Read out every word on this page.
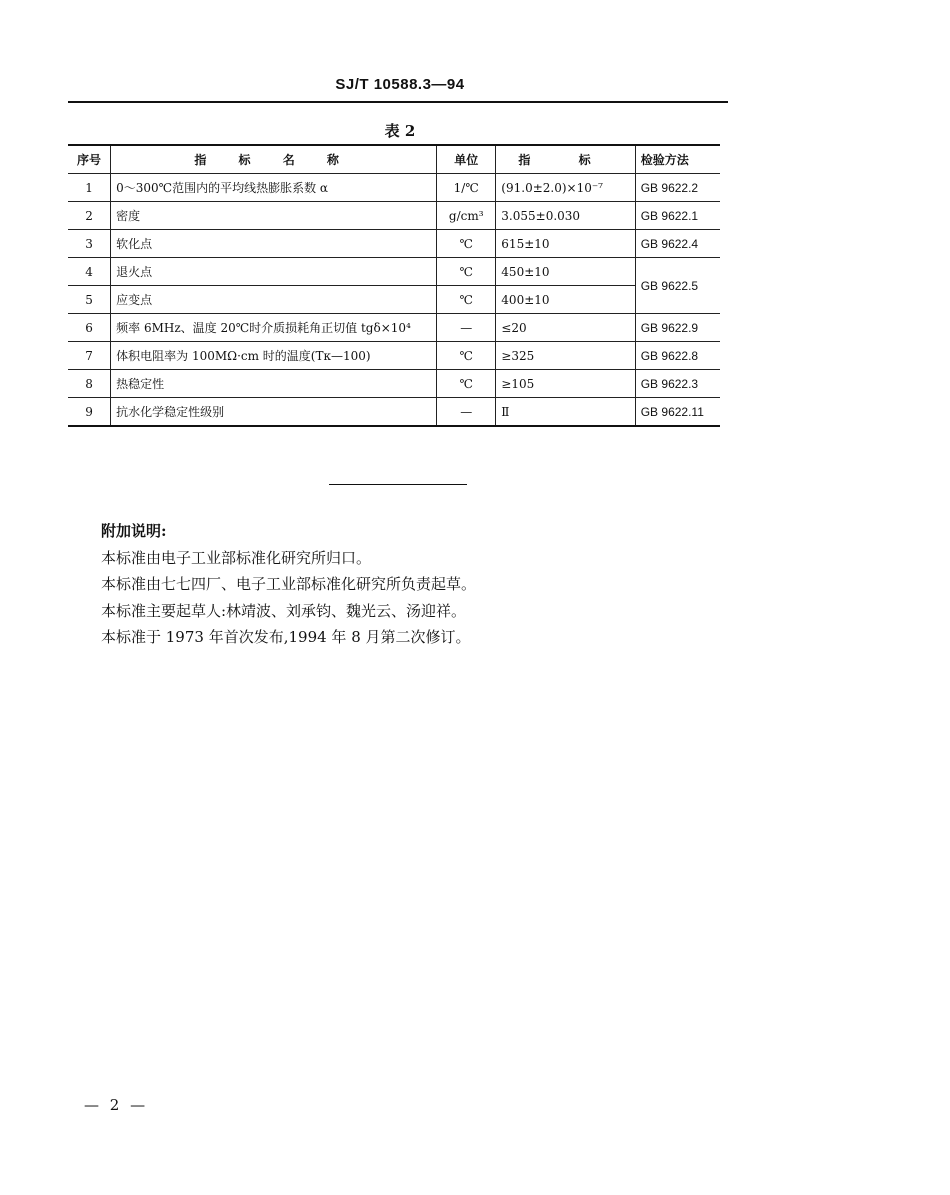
SJ/T 10588.3—94
表 2
序号	指 标 名 称	单位	指 标	检验方法
1	0～300℃范围内的平均线热膨胀系数 α	1/℃	(91.0±2.0)×10⁻⁷	GB 9622.2
2	密度	g/cm³	3.055±0.030	GB 9622.1
3	软化点	℃	615±10	GB 9622.4
4	退火点	℃	450±10	GB 9622.5
5	应变点	℃	400±10	
6	频率 6MHz、温度 20℃时介质损耗角正切值 tgδ×10⁴	—	≤20	GB 9622.9
7	体积电阻率为 100MΩ·cm 时的温度(Tκ—100)	℃	≥325	GB 9622.8
8	热稳定性	℃	≥105	GB 9622.3
9	抗水化学稳定性级别	—	Ⅱ	GB 9622.11
附加说明:
本标准由电子工业部标准化研究所归口。
本标准由七七四厂、电子工业部标准化研究所负责起草。
本标准主要起草人:林靖波、刘承钧、魏光云、汤迎祥。
本标准于 1973 年首次发布,1994 年 8 月第二次修订。
— 2 —
